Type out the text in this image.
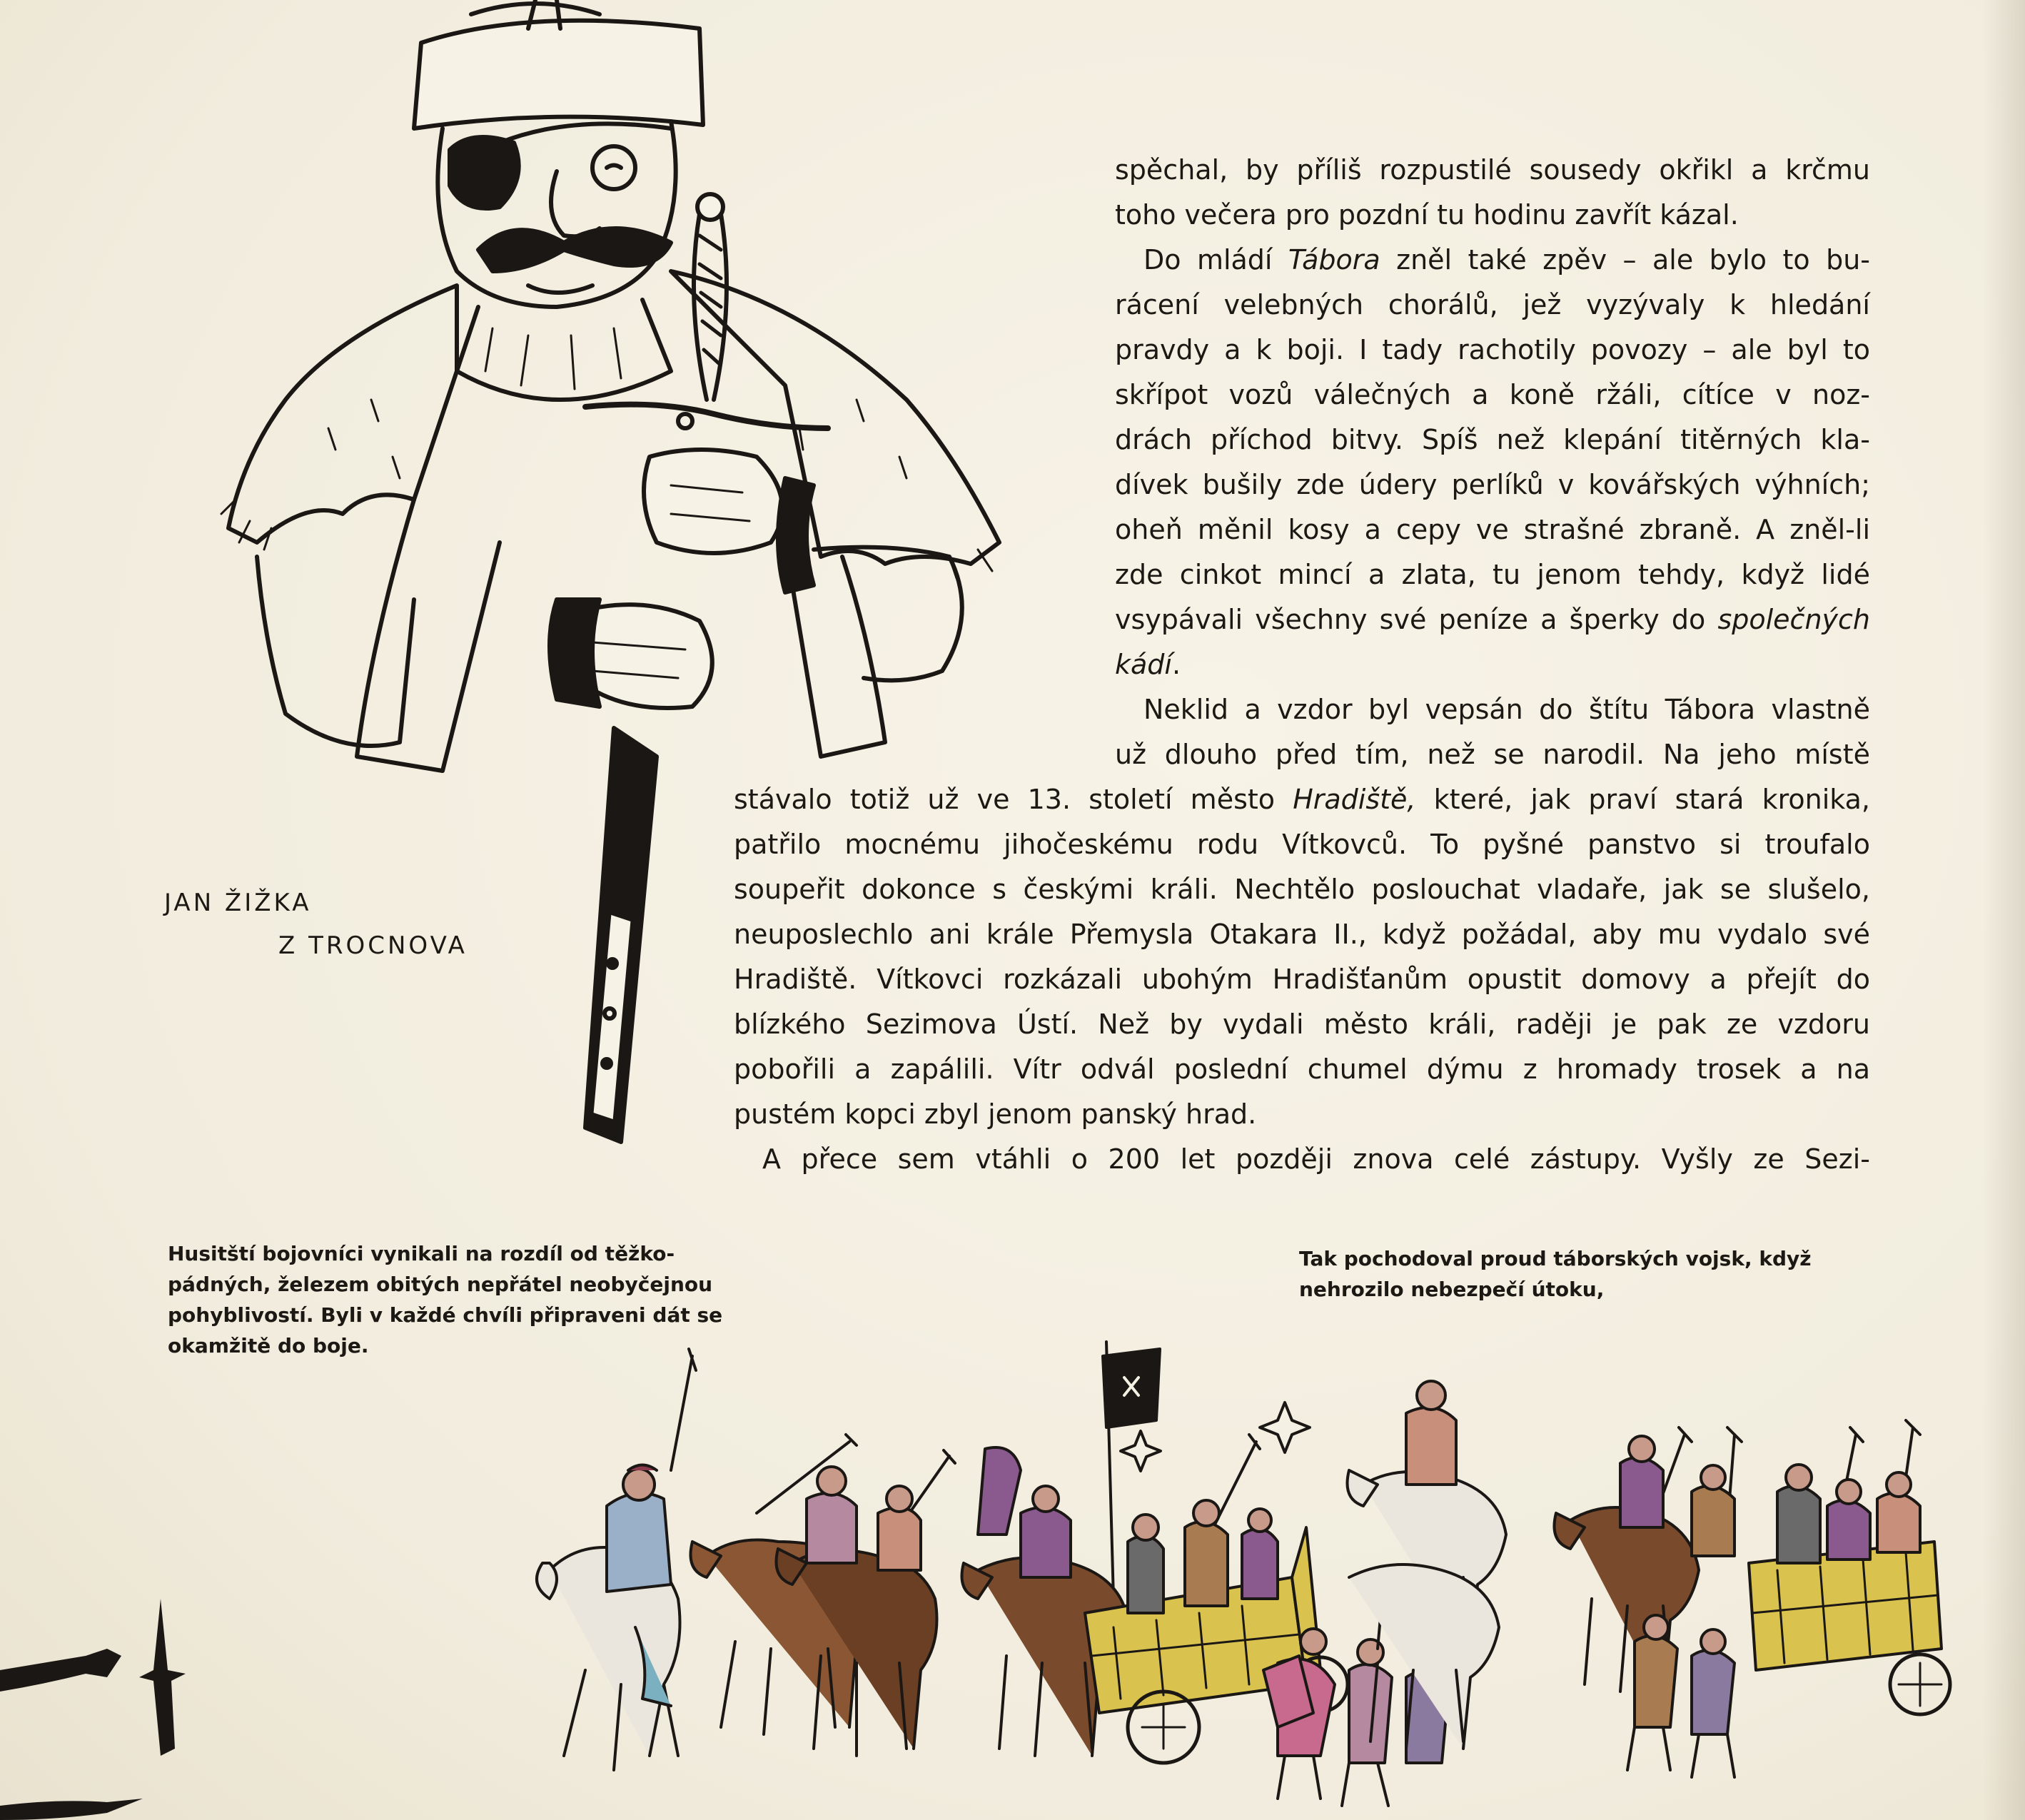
JAN ŽIŽKA
Z TROCNOVA
spěchal, by příliš rozpustilé sousedy okřikl a krčmu
toho večera pro pozdní tu hodinu zavřít kázal.
Do mládí Tábora zněl také zpěv – ale bylo to bu-
rácení velebných chorálů, jež vyzývaly k hledání
pravdy a k boji. I tady rachotily povozy – ale byl to
skřípot vozů válečných a koně ržáli, cítíce v noz-
drách příchod bitvy. Spíš než klepání titěrných kla-
dívek bušily zde údery perlíků v kovářských výhních;
oheň měnil kosy a cepy ve strašné zbraně. A zněl-li
zde cinkot mincí a zlata, tu jenom tehdy, když lidé
vsypávali všechny své peníze a šperky do společných
kádí.
Neklid a vzdor byl vepsán do štítu Tábora vlastně
už dlouho před tím, než se narodil. Na jeho místě
stávalo totiž už ve 13. století město Hradiště, které, jak praví stará kronika,
patřilo mocnému jihočeskému rodu Vítkovců. To pyšné panstvo si troufalo
soupeřit dokonce s českými králi. Nechtělo poslouchat vladaře, jak se slušelo,
neuposlechlo ani krále Přemysla Otakara II., když požádal, aby mu vydalo své
Hradiště. Vítkovci rozkázali ubohým Hradišťanům opustit domovy a přejít do
blízkého Sezimova Ústí. Než by vydali město králi, raději je pak ze vzdoru
pobořili a zapálili. Vítr odvál poslední chumel dýmu z hromady trosek a na
pustém kopci zbyl jenom panský hrad.
A přece sem vtáhli o 200 let později znova celé zástupy. Vyšly ze Sezi-
Husitští bojovníci vynikali na rozdíl od těžko-
pádných, železem obitých nepřátel neobyčejnou
pohyblivostí. Byli v každé chvíli připraveni dát se
okamžitě do boje.
Tak pochodoval proud táborských vojsk, když
nehrozilo nebezpečí útoku,
